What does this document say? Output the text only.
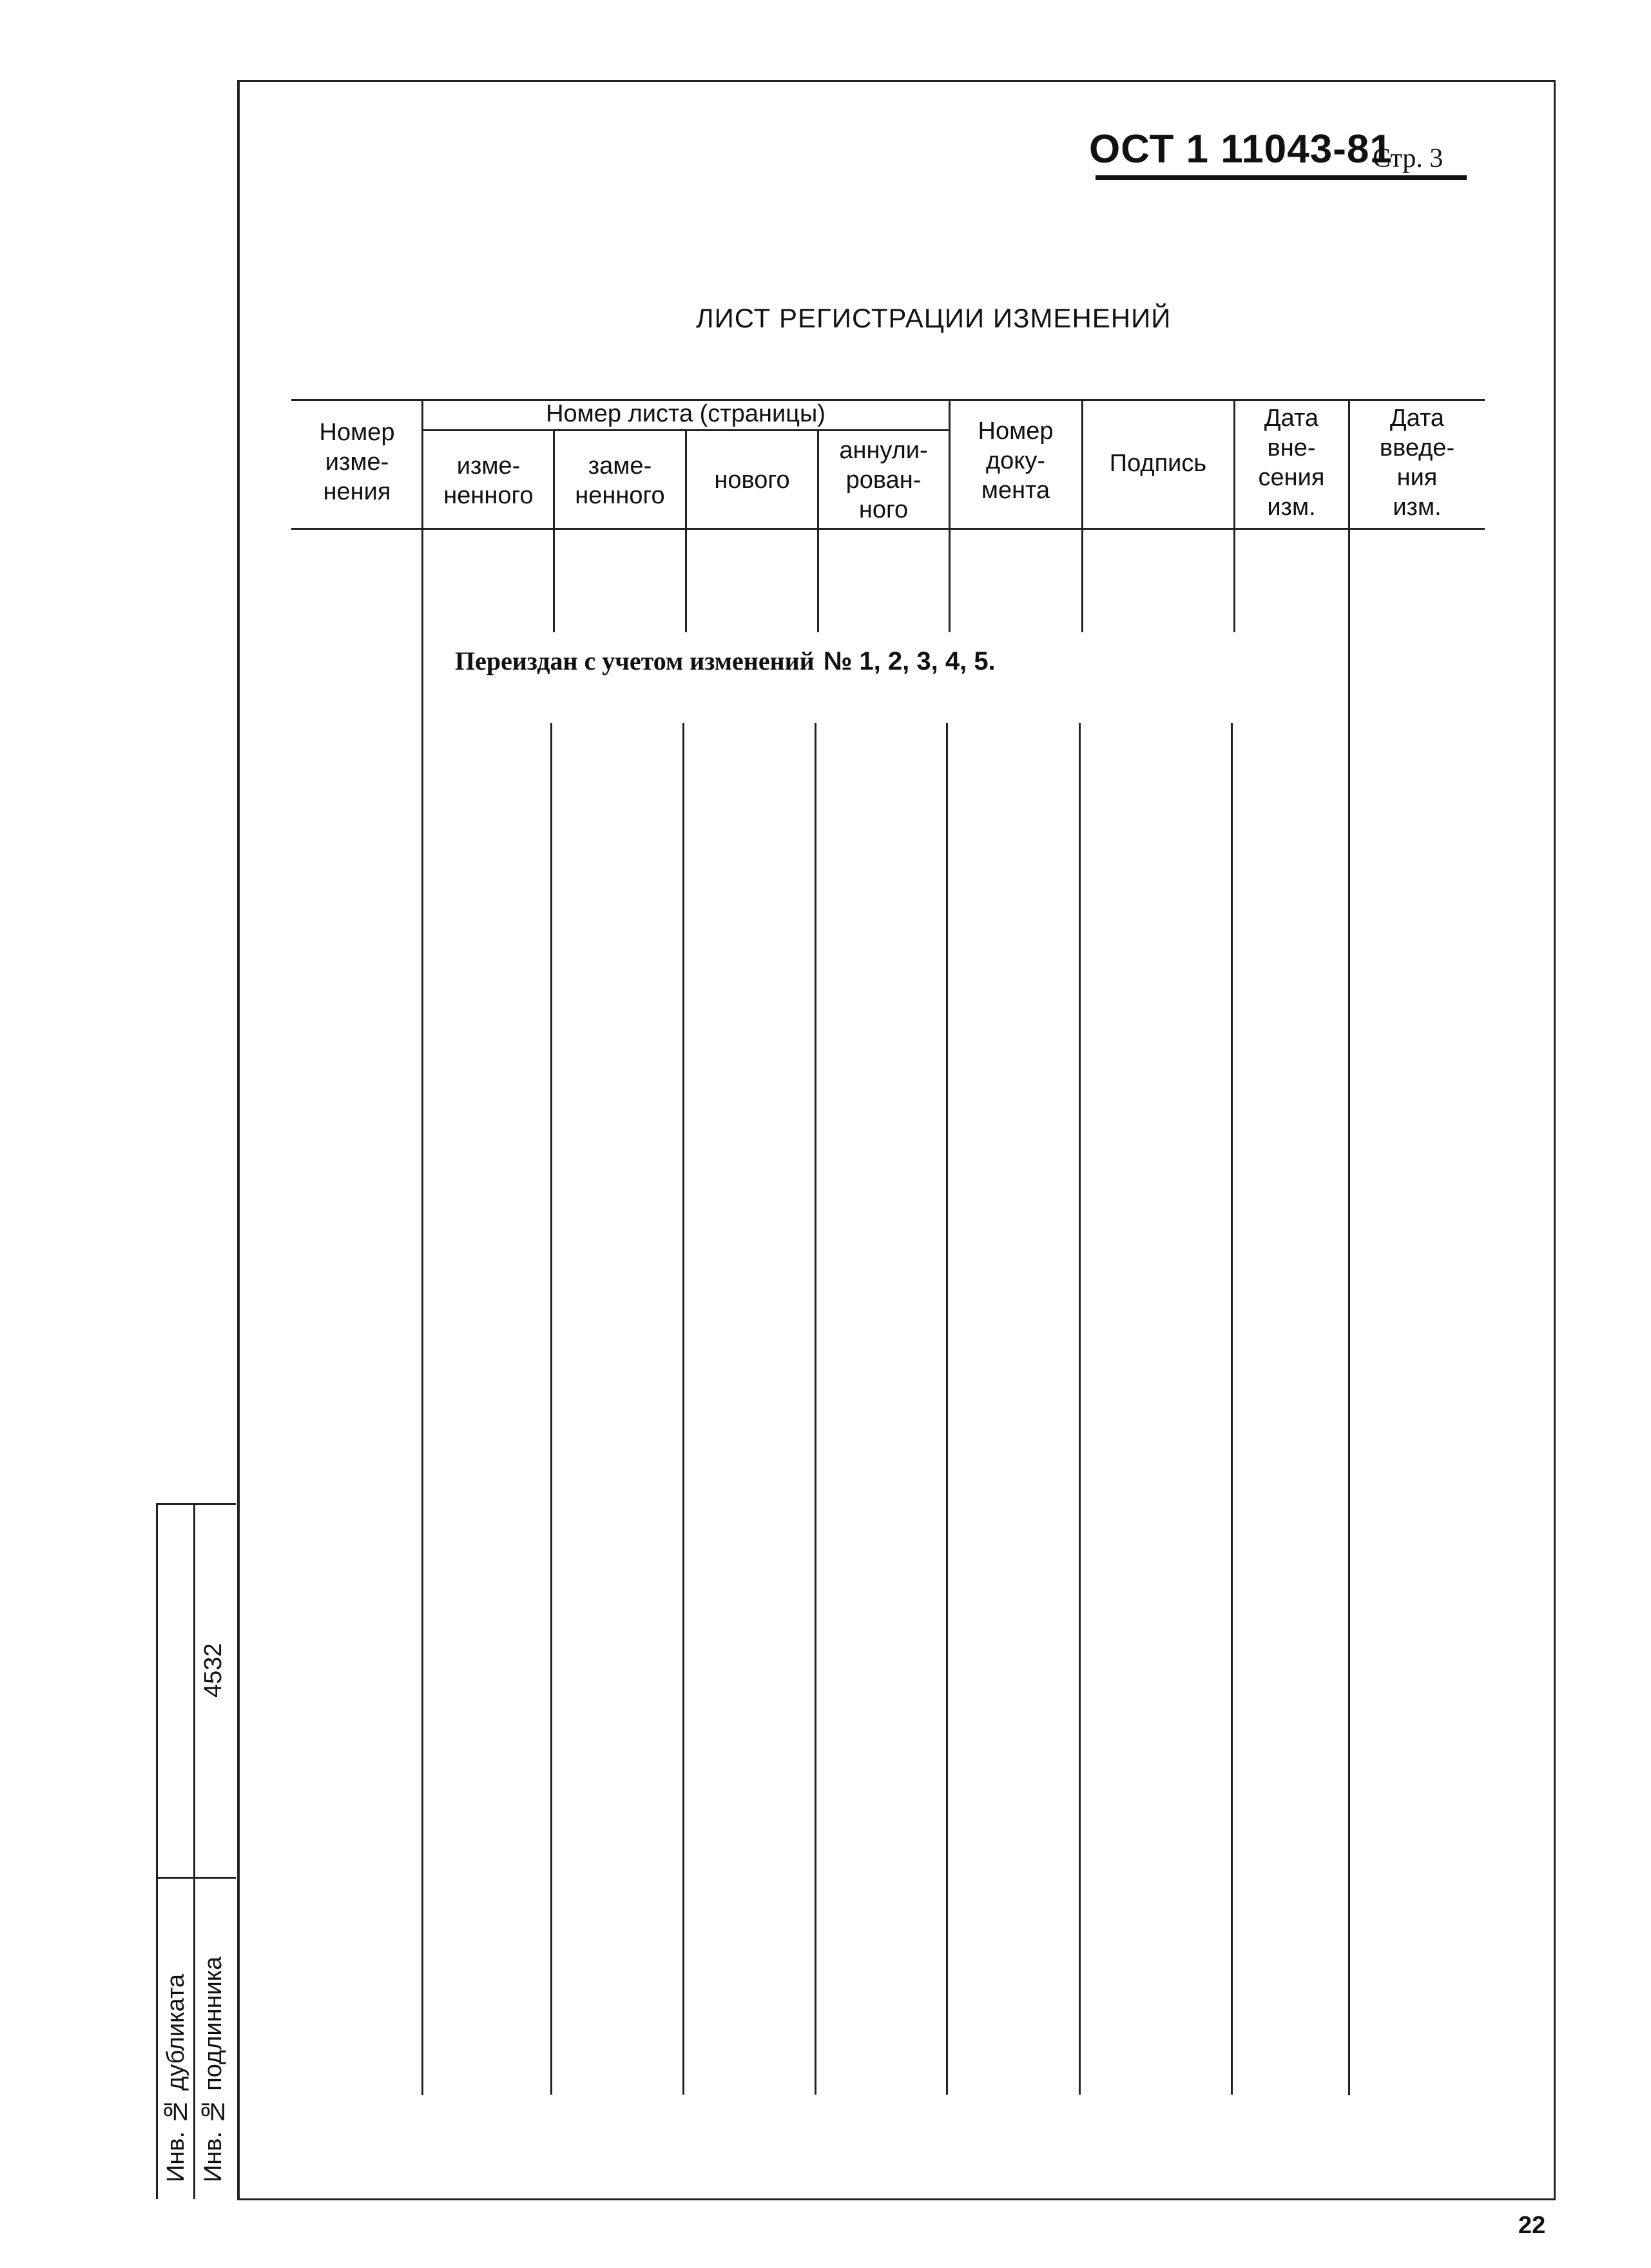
ОСТ 1 11043-81
Стр. 3
ЛИСТ РЕГИСТРАЦИИ ИЗМЕНЕНИЙ
Номер
изме-
нения
Номер листа (страницы)
изме-
ненного
заме-
ненного
нового
аннули-
рован-
ного
Номер
доку-
мента
Подпись
Дата
вне-
сения
изм.
Дата
введе-
ния
изм.
Переиздан с учетом изменений № 1, 2, 3, 4, 5.
Инв. № дубликата Инв. № подлинника
4532
22
